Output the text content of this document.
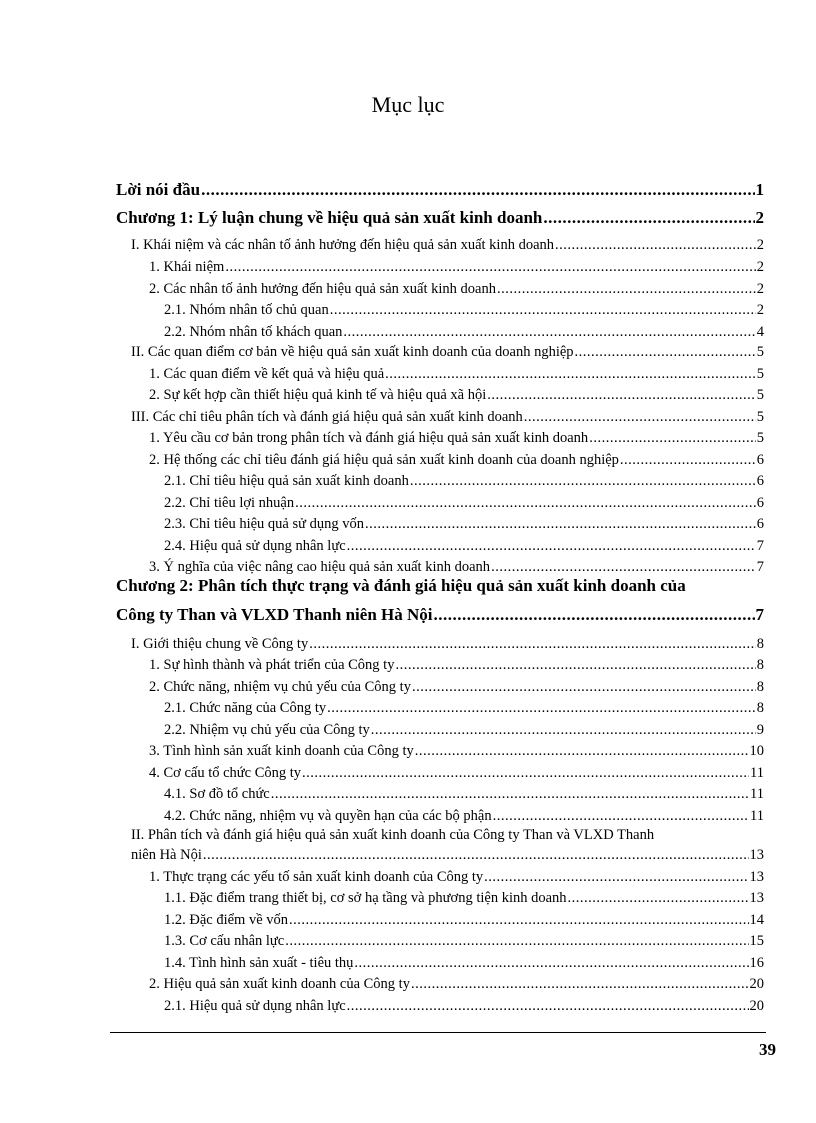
Mục lục
Lời nói đầu .....	1
Chương 1: Lý luận chung về hiệu quả sản xuất kinh doanh .....	2
I. Khái niệm và các nhân tố ảnh hưởng đến hiệu quả sản xuất kinh doanh .....	2
1. Khái niệm .....	2
2. Các nhân tố ảnh hưởng đến hiệu quả sản xuất kinh doanh .....	2
2.1. Nhóm nhân tố chủ quan .....	2
2.2. Nhóm nhân tố khách quan .....	4
II. Các quan điểm cơ bản về hiệu quả sản xuất kinh doanh của doanh nghiệp .....	5
1. Các quan điểm về kết quả và hiệu quả .....	5
2. Sự kết hợp cần thiết hiệu quả kinh tế và hiệu quả xã hội .....	5
III. Các chỉ tiêu phân tích và đánh giá hiệu quả sản xuất kinh doanh .....	5
1. Yêu cầu cơ bản trong phân tích và đánh giá hiệu quả sản xuất kinh doanh .....	5
2. Hệ thống các chỉ tiêu đánh giá hiệu quả sản xuất kinh doanh của doanh nghiệp .....	6
2.1. Chỉ tiêu hiệu quả sản xuất kinh doanh .....	6
2.2. Chỉ tiêu lợi nhuận .....	6
2.3. Chỉ tiêu hiệu quả sử dụng vốn .....	6
2.4. Hiệu quả sử dụng nhân lực .....	7
3. Ý nghĩa của việc nâng cao hiệu quả sản xuất kinh doanh .....	7
Chương 2: Phân tích thực trạng và đánh giá hiệu quả sản xuất kinh doanh của
Công ty Than và VLXD Thanh niên Hà Nội .....	7
I. Giới thiệu chung về Công ty .....	8
1. Sự hình thành và phát triển của Công ty .....	8
2. Chức năng, nhiệm vụ chủ yếu của Công ty .....	8
2.1. Chức năng của Công ty .....	8
2.2. Nhiệm vụ chủ yếu của Công ty .....	9
3. Tình hình sản xuất kinh doanh của Công ty .....	10
4. Cơ cấu tổ chức Công ty .....	11
4.1. Sơ đồ tổ chức .....	11
4.2. Chức năng, nhiệm vụ và quyền hạn của các bộ phận .....	11
II. Phân tích và đánh giá hiệu quả sản xuất kinh doanh của Công ty Than và VLXD Thanh
niên Hà Nội .....	13
1. Thực trạng các yếu tố sản xuất kinh doanh của Công ty .....	13
1.1. Đặc điểm trang thiết bị, cơ sở hạ tầng và phương tiện kinh doanh .....	13
1.2. Đặc điểm về vốn .....	14
1.3. Cơ cấu nhân lực .....	15
1.4. Tình hình sản xuất - tiêu thụ .....	16
2. Hiệu quả sản xuất kinh doanh của Công ty .....	20
2.1. Hiệu quả sử dụng nhân lực .....	20
39
